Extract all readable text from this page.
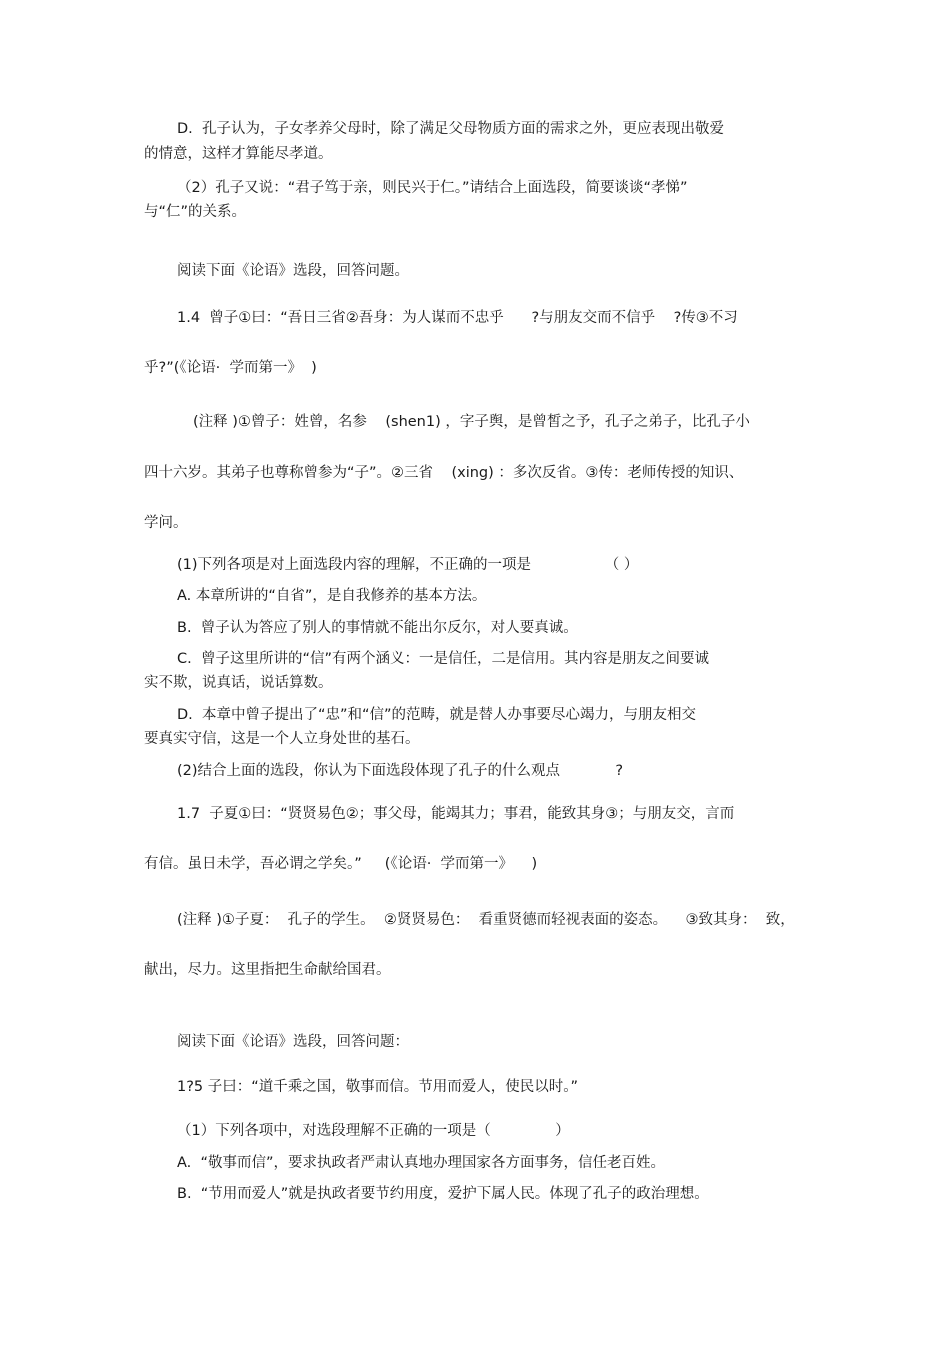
D.  孔子认为，子女孝养父母时，除了满足父母物质方面的需求之外，更应表现出敬爱
的情意，这样才算能尽孝道。
（2）孔子又说：“君子笃于亲，则民兴于仁。”请结合上面选段，简要谈谈“孝悌”
与“仁”的关系。
阅读下面《论语》选段，回答问题。
1.4  曾子①曰：“吾日三省②吾身：为人谋而不忠乎      ?与朋友交而不信乎    ?传③不习
乎?”(《论语·  学而第一》  )
(注释 )①曾子：姓曾，名参    (shen1) ，字子舆，是曾皙之予，孔子之弟子，比孔子小
四十六岁。其弟子也尊称曾参为“子”。②三省    (xing) ：多次反省。③传：老师传授的知识、
学问。
(1)下列各项是对上面选段内容的理解，不正确的一项是                （ ）
A. 本章所讲的“自省”，是自我修养的基本方法。
B.  曾子认为答应了别人的事情就不能出尔反尔，对人要真诚。
C.  曾子这里所讲的“信”有两个涵义：一是信任，二是信用。其内容是朋友之间要诚
实不欺，说真话，说话算数。
D.  本章中曾子提出了“忠”和“信”的范畴，就是替人办事要尽心竭力，与朋友相交
要真实守信，这是一个人立身处世的基石。
(2)结合上面的选段，你认为下面选段体现了孔子的什么观点            ?
1.7  子夏①曰：“贤贤易色②；事父母，能竭其力；事君，能致其身③；与朋友交，言而
有信。虽日未学，吾必谓之学矣。”     (《论语·  学而第一》    )
(注释 )①子夏：  孔子的学生。  ②贤贤易色：  看重贤德而轻视表面的姿态。    ③致其身：  致，
献出，尽力。这里指把生命献给国君。
阅读下面《论语》选段，回答问题：
1?5 子曰：“道千乘之国，敬事而信。节用而爱人，使民以时。”
（1）下列各项中，对选段理解不正确的一项是（              ）
A.  “敬事而信”，要求执政者严肃认真地办理国家各方面事务，信任老百姓。
B.  “节用而爱人”就是执政者要节约用度，爱护下属人民。体现了孔子的政治理想。
